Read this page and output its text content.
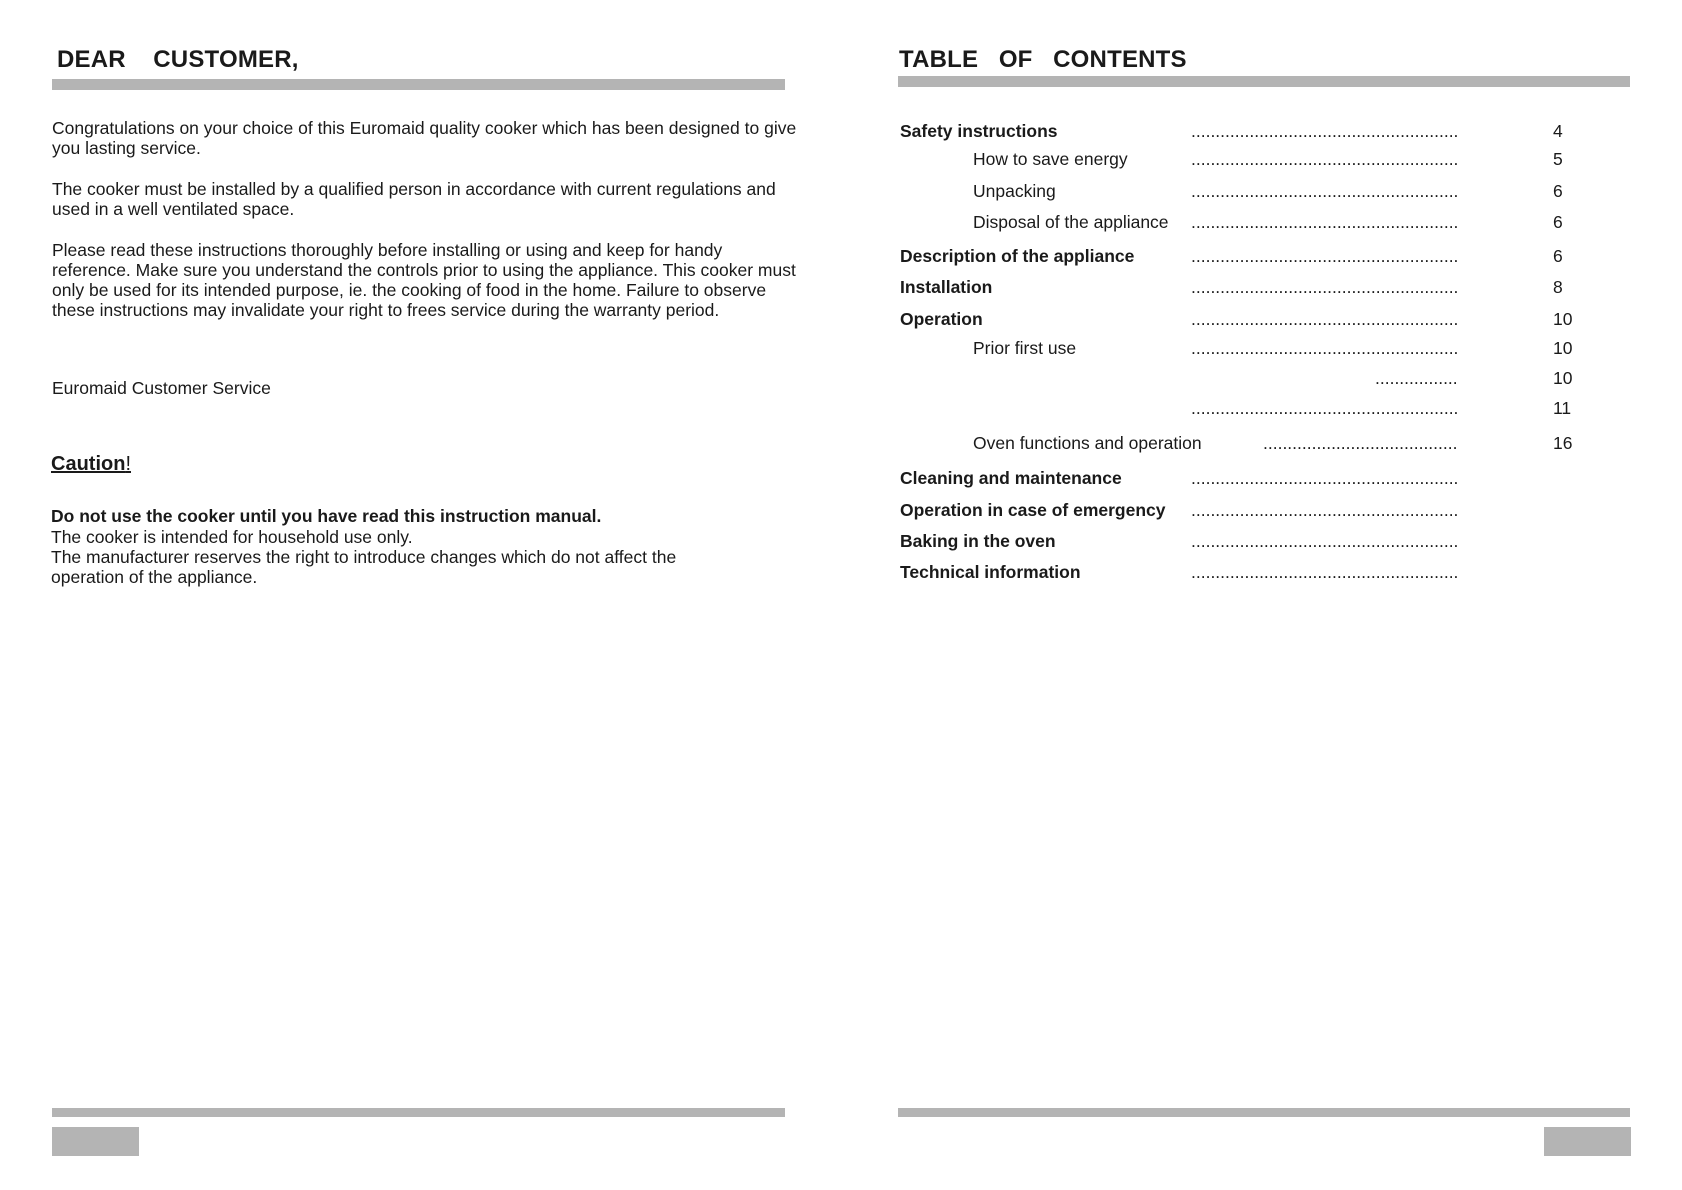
DEAR    CUSTOMER,

Congratulations on your choice of this Euromaid quality cooker which has been designed to give you lasting service.

The cooker must be installed by a qualified person in accordance with current regulations and used in a well ventilated space.

Please read these instructions thoroughly before installing or using and keep for handy reference. Make sure you understand the controls prior to using the appliance. This cooker must only be used for its intended purpose, ie. the cooking of food in the home. Failure to observe these instructions may invalidate your right to frees service during the warranty period.

Euromaid Customer Service
Caution!

Do not use the cooker until you have read this instruction manual.

The cooker is intended for household use only.

The manufacturer reserves the right to introduce changes which do not affect the operation of the appliance.

TABLE   OF   CONTENTS
Safety instructions	.......................................................	4
How to save energy	.......................................................	5
Unpacking	.......................................................	6
Disposal of the appliance .......................................................	6
Description of the appliance	.......................................................	6
Installation	.......................................................	8
Operation	.......................................................	10
Prior first use	.......................................................	10
.................	10
.......................................................	11
Oven functions and operation	........................................	16
Cleaning and maintenance	.......................................................
Operation in case of emergency .......................................................
Baking in the oven	.......................................................
Technical information	.......................................................
